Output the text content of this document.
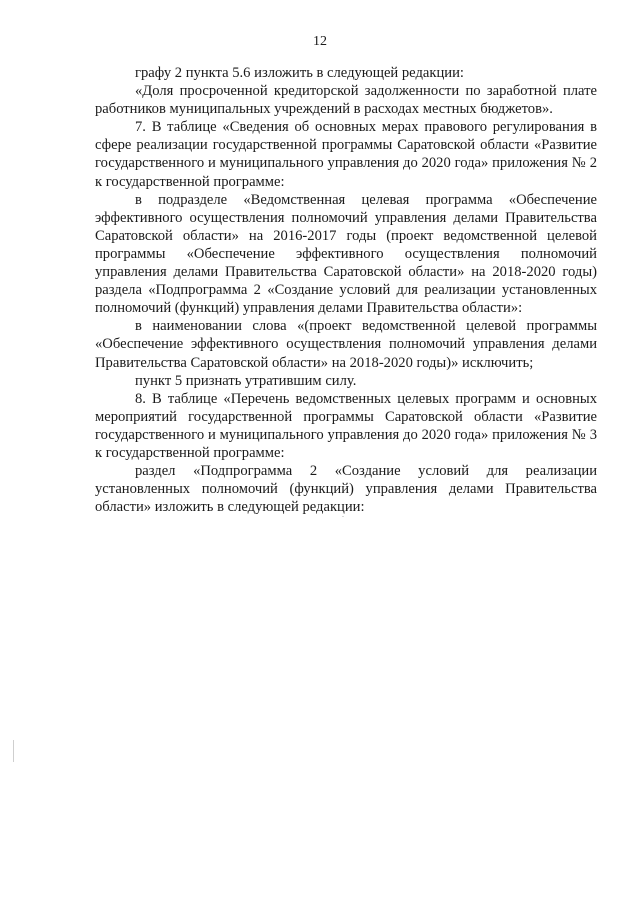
12

графу 2 пункта 5.6 изложить в следующей редакции:

«Доля просроченной кредиторской задолженности по заработной плате работников муниципальных учреждений в расходах местных бюджетов».

7. В таблице «Сведения об основных мерах правового регулирования в сфере реализации государственной программы Саратовской области «Развитие государственного и муниципального управления до 2020 года» приложения № 2 к государственной программе:

в подразделе «Ведомственная целевая программа «Обеспечение эффективного осуществления полномочий управления делами Правительства Саратовской области» на 2016-2017 годы (проект ведомственной целевой программы «Обеспечение эффективного осуществления полномочий управления делами Правительства Саратовской области» на 2018-2020 годы) раздела «Подпрограмма 2 «Создание условий для реализации установленных полномочий (функций) управления делами Правительства области»:

в наименовании слова «(проект ведомственной целевой программы «Обеспечение эффективного осуществления полномочий управления делами Правительства Саратовской области» на 2018-2020 годы)» исключить;

пункт 5 признать утратившим силу.

8. В таблице «Перечень ведомственных целевых программ и основных мероприятий государственной программы Саратовской области «Развитие государственного и муниципального управления до 2020 года» приложения № 3 к государственной программе:

раздел «Подпрограмма 2 «Создание условий для реализации установленных полномочий (функций) управления делами Правительства области» изложить в следующей редакции:
